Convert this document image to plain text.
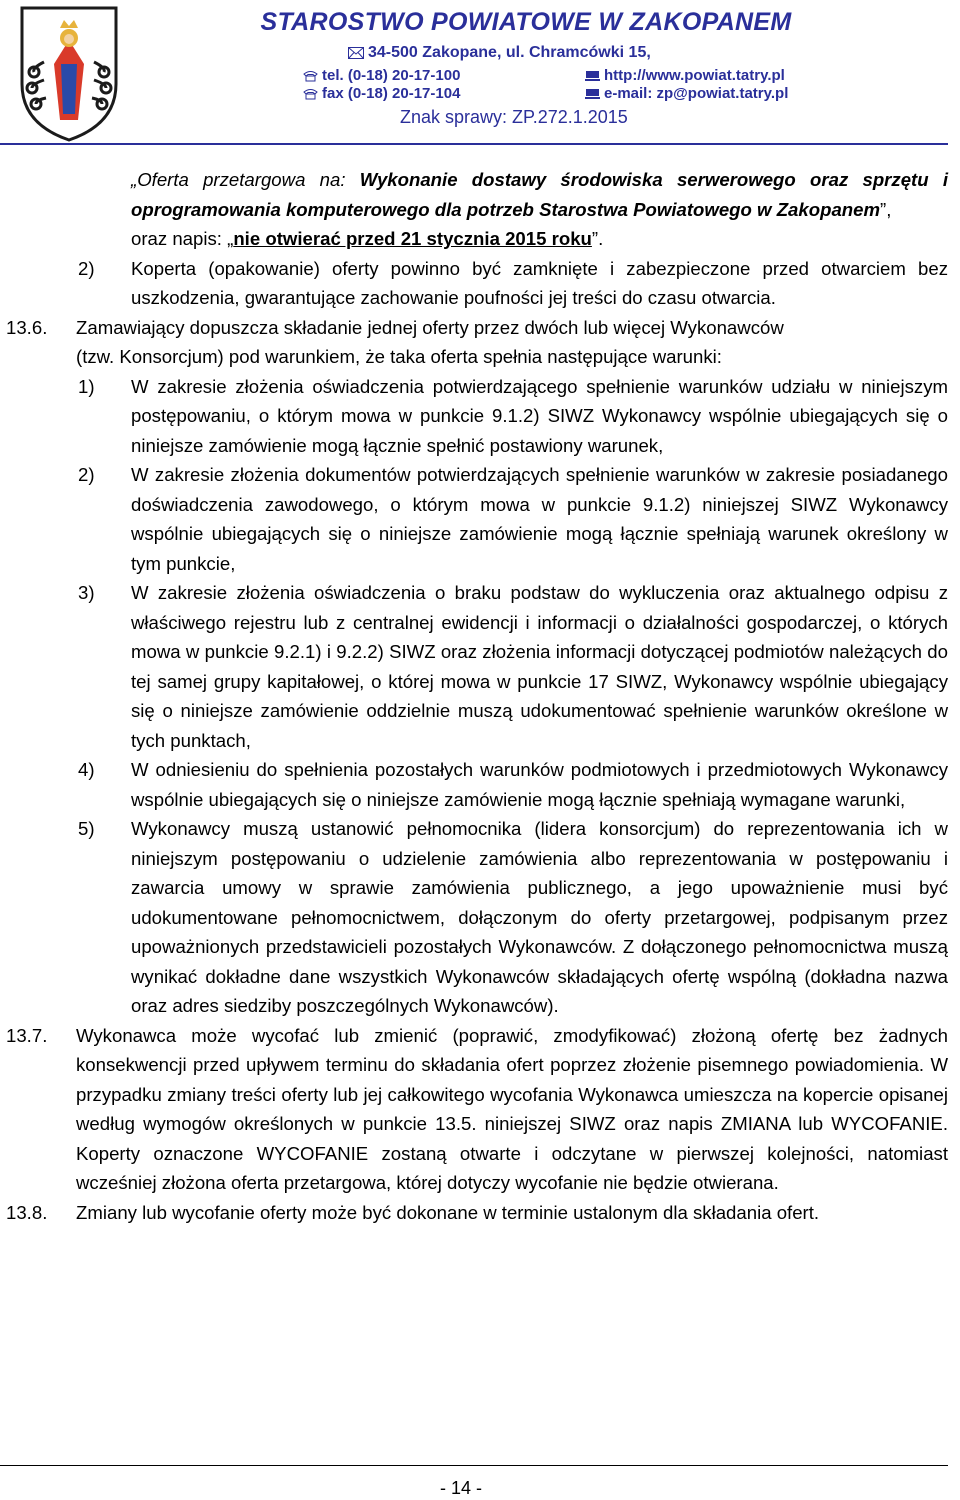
STAROSTWO POWIATOWE W ZAKOPANEM
34-500 Zakopane, ul. Chramcówki 15,
tel. (0-18) 20-17-100
fax (0-18) 20-17-104
http://www.powiat.tatry.pl
e-mail: zp@powiat.tatry.pl
Znak sprawy: ZP.272.1.2015

„Oferta przetargowa na: Wykonanie dostawy środowiska serwerowego oraz sprzętu i oprogramowania komputerowego dla potrzeb Starostwa Powiatowego w Zakopanem”,

oraz napis: „nie otwierać przed 21 stycznia 2015 roku”.

2) Koperta (opakowanie) oferty powinno być zamknięte i zabezpieczone przed otwarciem bez uszkodzenia, gwarantujące zachowanie poufności jej treści do czasu otwarcia.

13.6. Zamawiający dopuszcza składanie jednej oferty przez dwóch lub więcej Wykonawców

(tzw. Konsorcjum) pod warunkiem, że taka oferta spełnia następujące warunki:

1) W zakresie złożenia oświadczenia potwierdzającego spełnienie warunków udziału w niniejszym postępowaniu, o którym mowa w punkcie 9.1.2) SIWZ Wykonawcy wspólnie ubiegających się o niniejsze zamówienie mogą łącznie spełnić postawiony warunek,

2) W zakresie złożenia dokumentów potwierdzających spełnienie warunków w zakresie posiadanego doświadczenia zawodowego, o którym mowa w punkcie 9.1.2) niniejszej SIWZ Wykonawcy wspólnie ubiegających się o niniejsze zamówienie mogą łącznie spełniają warunek określony w tym punkcie,

3) W zakresie złożenia oświadczenia o braku podstaw do wykluczenia oraz aktualnego odpisu z właściwego rejestru lub z centralnej ewidencji i informacji o działalności gospodarczej, o których mowa w punkcie 9.2.1) i 9.2.2) SIWZ oraz złożenia informacji dotyczącej podmiotów należących do tej samej grupy kapitałowej, o której mowa w punkcie 17 SIWZ, Wykonawcy wspólnie ubiegający się o niniejsze zamówienie oddzielnie muszą udokumentować spełnienie warunków określone w tych punktach,

4) W odniesieniu do spełnienia pozostałych warunków podmiotowych i przedmiotowych Wykonawcy wspólnie ubiegających się o niniejsze zamówienie mogą łącznie spełniają wymagane warunki,

5) Wykonawcy muszą ustanowić pełnomocnika (lidera konsorcjum) do reprezentowania ich w niniejszym postępowaniu o udzielenie zamówienia albo reprezentowania w postępowaniu i zawarcia umowy w sprawie zamówienia publicznego, a jego upoważnienie musi być udokumentowane pełnomocnictwem, dołączonym do oferty przetargowej, podpisanym przez upoważnionych przedstawicieli pozostałych Wykonawców. Z dołączonego pełnomocnictwa muszą wynikać dokładne dane wszystkich Wykonawców składających ofertę wspólną (dokładna nazwa oraz adres siedziby poszczególnych Wykonawców).

13.7. Wykonawca może wycofać lub zmienić (poprawić, zmodyfikować) złożoną ofertę bez żadnych konsekwencji przed upływem terminu do składania ofert poprzez złożenie pisemnego powiadomienia. W przypadku zmiany treści oferty lub jej całkowitego wycofania Wykonawca umieszcza na kopercie opisanej według wymogów określonych w punkcie 13.5. niniejszej SIWZ oraz napis ZMIANA lub WYCOFANIE. Koperty oznaczone WYCOFANIE zostaną otwarte i odczytane w pierwszej kolejności, natomiast wcześniej złożona oferta przetargowa, której dotyczy wycofanie nie będzie otwierana.

13.8. Zmiany lub wycofanie oferty może być dokonane w terminie ustalonym dla składania ofert.

- 14 -
